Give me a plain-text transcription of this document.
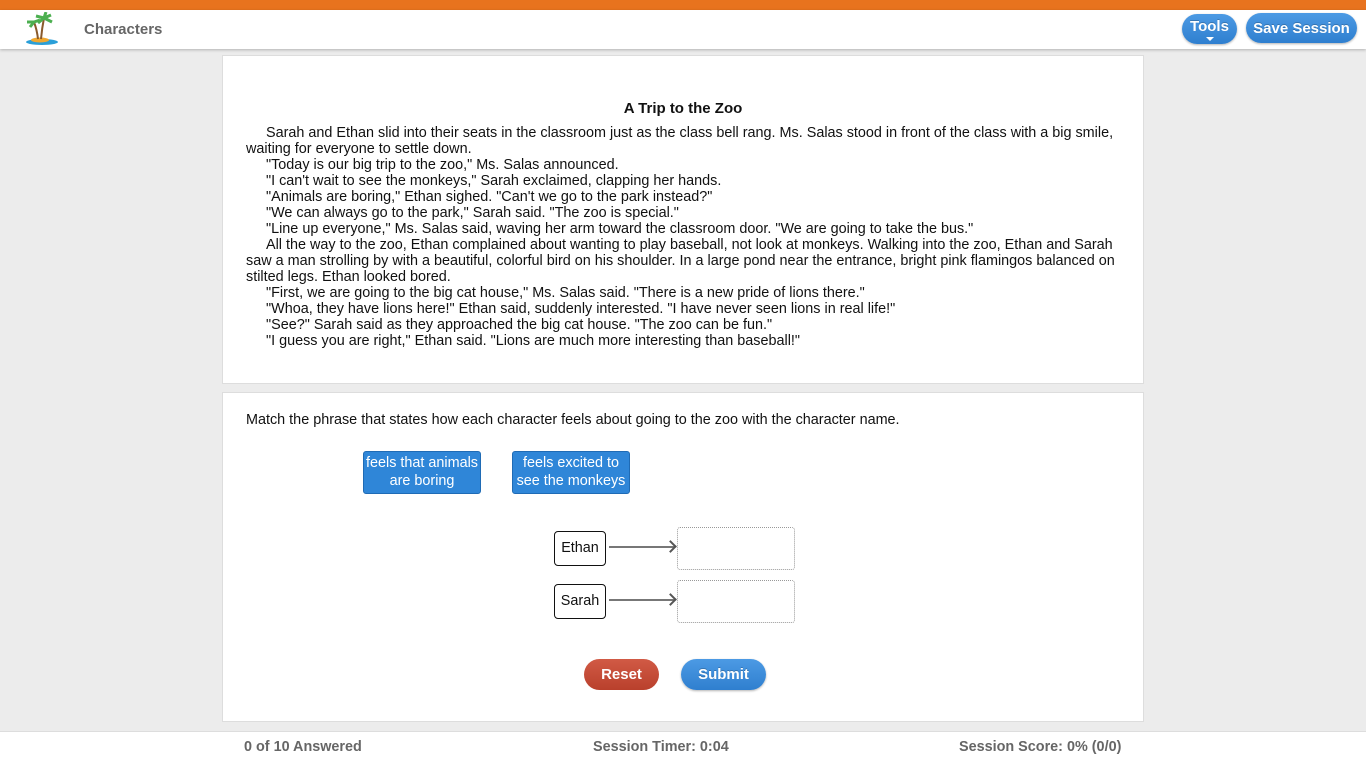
Characters	Tools	Save Session
A Trip to the Zoo

Sarah and Ethan slid into their seats in the classroom just as the class bell rang. Ms. Salas stood in front of the class with a big smile, waiting for everyone to settle down.

"Today is our big trip to the zoo," Ms. Salas announced.

"I can't wait to see the monkeys," Sarah exclaimed, clapping her hands.

"Animals are boring," Ethan sighed. "Can't we go to the park instead?"

"We can always go to the park," Sarah said. "The zoo is special."

"Line up everyone," Ms. Salas said, waving her arm toward the classroom door. "We are going to take the bus."

All the way to the zoo, Ethan complained about wanting to play baseball, not look at monkeys. Walking into the zoo, Ethan and Sarah saw a man strolling by with a beautiful, colorful bird on his shoulder. In a large pond near the entrance, bright pink flamingos balanced on stilted legs. Ethan looked bored.

"First, we are going to the big cat house," Ms. Salas said. "There is a new pride of lions there."

"Whoa, they have lions here!" Ethan said, suddenly interested. "I have never seen lions in real life!"

"See?" Sarah said as they approached the big cat house. "The zoo can be fun."

"I guess you are right," Ethan said. "Lions are much more interesting than baseball!"

Match the phrase that states how each character feels about going to the zoo with the character name.
feels that animals are boring
feels excited to see the monkeys
Ethan
Sarah
Reset	Submit
0 of 10 Answered	Session Timer: 0:04	Session Score: 0% (0/0)
